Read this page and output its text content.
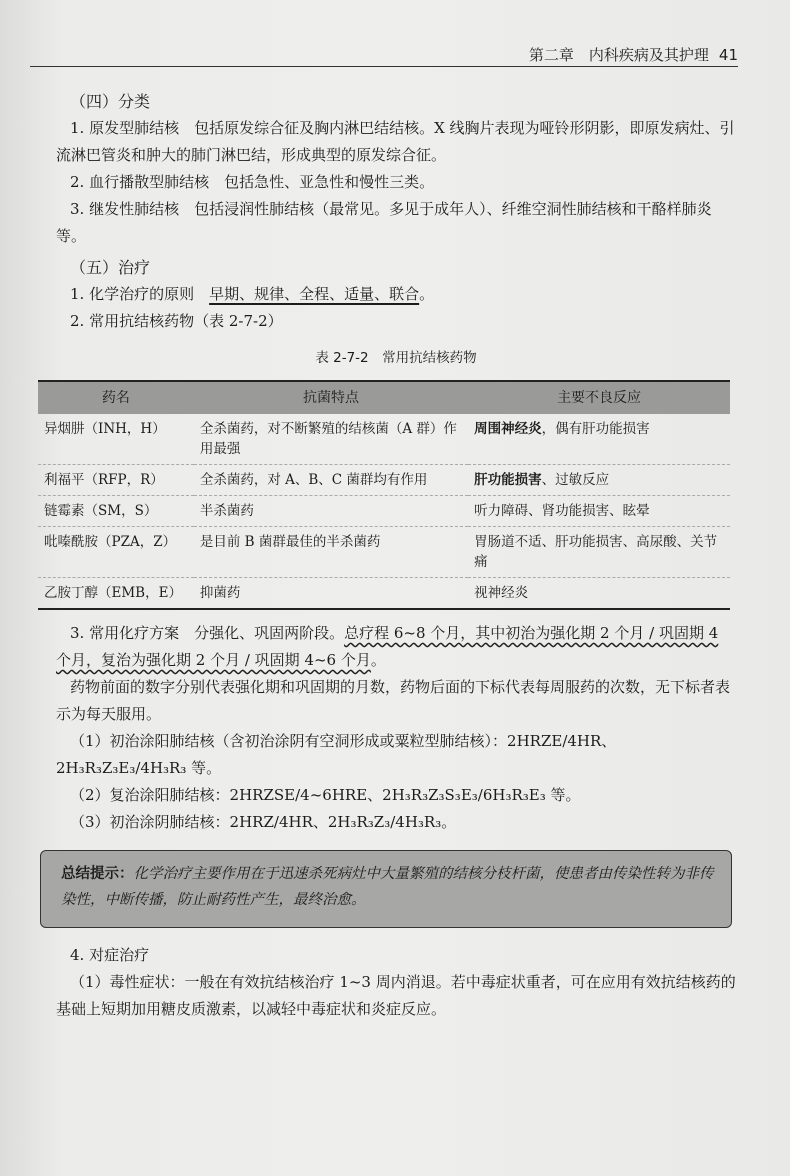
第二章　内科疾病及其护理 41

（四）分类

1. 原发型肺结核　包括原发综合征及胸内淋巴结结核。X 线胸片表现为哑铃形阴影，即原发病灶、引流淋巴管炎和肿大的肺门淋巴结，形成典型的原发综合征。

2. 血行播散型肺结核　包括急性、亚急性和慢性三类。

3. 继发性肺结核　包括浸润性肺结核（最常见。多见于成年人）、纤维空洞性肺结核和干酪样肺炎等。

（五）治疗

1. 化学治疗的原则　 早期、规律、全程、适量、联合。

2. 常用抗结核药物（表 2-7-2）

表 2-7-2　常用抗结核药物
药名	抗菌特点	主要不良反应
异烟肼（INH，H）	全杀菌药，对不断繁殖的结核菌（A 群）作用最强	周围神经炎，偶有肝功能损害
利福平（RFP，R）	全杀菌药，对 A、B、C 菌群均有作用	肝功能损害、过敏反应
链霉素（SM，S）	半杀菌药	听力障碍、肾功能损害、眩晕
吡嗪酰胺（PZA，Z）	是目前 B 菌群最佳的半杀菌药	胃肠道不适、肝功能损害、高尿酸、关节痛
乙胺丁醇（EMB，E）	抑菌药	视神经炎

3. 常用化疗方案　分强化、巩固两阶段。总疗程 6~8 个月，其中初治为强化期 2 个月 / 巩固期 4 个月，复治为强化期 2 个月 / 巩固期 4~6 个月。

药物前面的数字分别代表强化期和巩固期的月数，药物后面的下标代表每周服药的次数，无下标者表示为每天服用。

（1）初治涂阳肺结核（含初治涂阴有空洞形成或粟粒型肺结核）：2HRZE/4HR、2H₃R₃Z₃E₃/4H₃R₃ 等。

（2）复治涂阳肺结核：2HRZSE/4~6HRE、2H₃R₃Z₃S₃E₃/6H₃R₃E₃ 等。

（3）初治涂阴肺结核：2HRZ/4HR、2H₃R₃Z₃/4H₃R₃。

总结提示：化学治疗主要作用在于迅速杀死病灶中大量繁殖的结核分枝杆菌，使患者由传染性转为非传染性，中断传播，防止耐药性产生，最终治愈。

4. 对症治疗

（1）毒性症状：一般在有效抗结核治疗 1~3 周内消退。若中毒症状重者，可在应用有效抗结核药的基础上短期加用糖皮质激素，以减轻中毒症状和炎症反应。
